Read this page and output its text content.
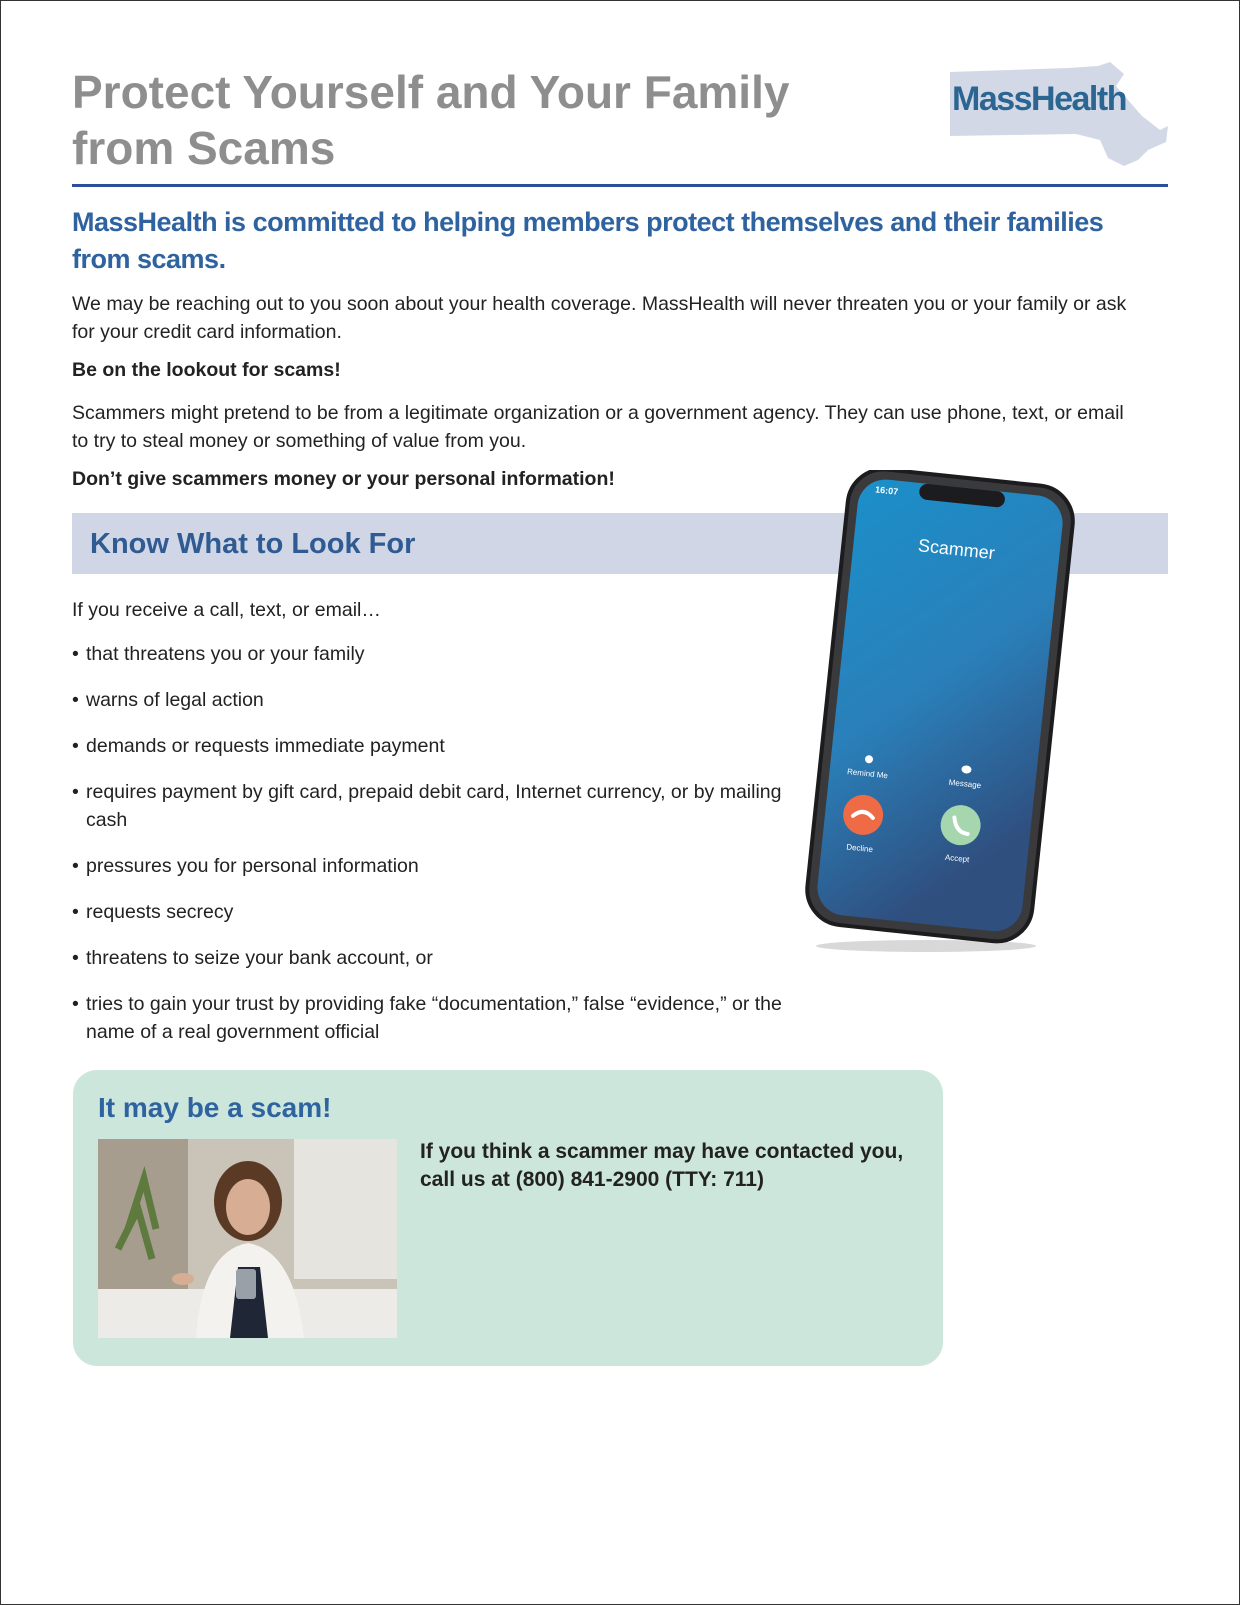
Protect Yourself and Your Family from Scams
MassHealth
MassHealth is committed to helping members protect themselves and their families from scams.

We may be reaching out to you soon about your health coverage. MassHealth will never threaten you or your family or ask for your credit card information.

Be on the lookout for scams!

Scammers might pretend to be from a legitimate organization or a government agency. They can use phone, text, or email to try to steal money or something of value from you.

Don’t give scammers money or your personal information!

Know What to Look For

If you receive a call, text, or email…

• that threatens you or your family
• warns of legal action
• demands or requests immediate payment
• requires payment by gift card, prepaid debit card, Internet currency, or by mailing cash
• pressures you for personal information
• requests secrecy
• threatens to seize your bank account, or
• tries to gain your trust by providing fake “documentation,” false “evidence,” or the name of a real government official
16:07
Scammer
Remind Me
Message
Decline
Accept
It may be a scam!

If you think a scammer may have contacted you, call us at (800) 841-2900 (TTY: 711)
